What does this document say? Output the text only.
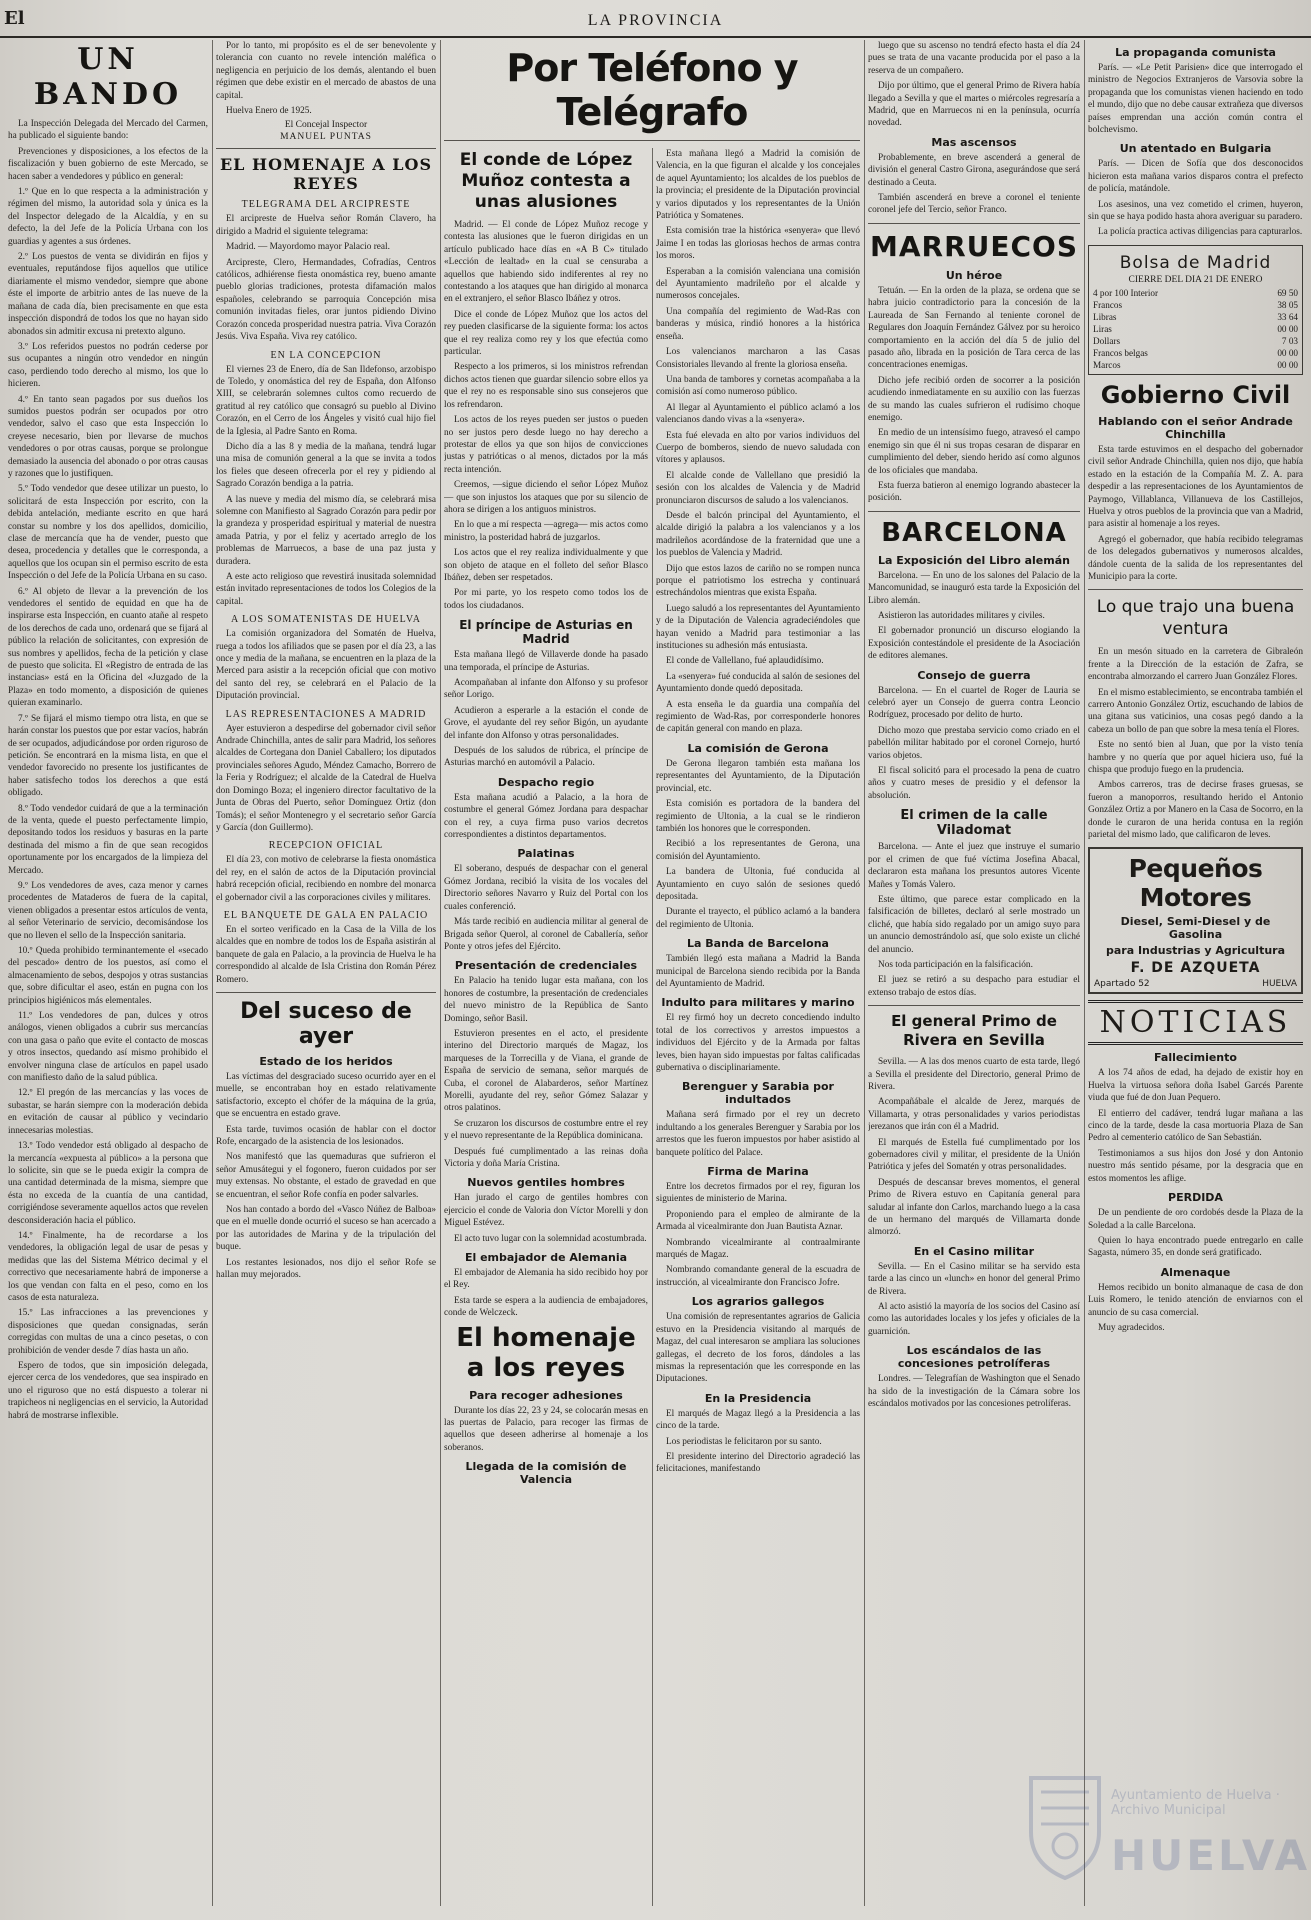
El	LA PROVINCIA
UN BANDO

La Inspección Delegada del Mercado del Carmen, ha publicado el siguiente bando:

Prevenciones y disposiciones, a los efectos de la fiscalización y buen gobierno de este Mercado, se hacen saber a vendedores y público en general:

1.º Que en lo que respecta a la administración y régimen del mismo, la autoridad sola y única es la del Inspector delegado de la Alcaldía, y en su defecto, la del Jefe de la Policía Urbana con los guardias y agentes a sus órdenes.

2.º Los puestos de venta se dividirán en fijos y eventuales, reputándose fijos aquellos que utilice diariamente el mismo vendedor, siempre que abone éste el importe de arbitrio antes de las nueve de la mañana de cada día, bien precisamente en que esta inspección dispondrá de todos los que no hayan sido abonados sin admitir excusa ni pretexto alguno.

3.º Los referidos puestos no podrán cederse por sus ocupantes a ningún otro vendedor en ningún caso, perdiendo todo derecho al mismo, los que lo hicieren.

4.º En tanto sean pagados por sus dueños los sumidos puestos podrán ser ocupados por otro vendedor, salvo el caso que esta Inspección lo creyese necesario, bien por llevarse de muchos vendedores o por otras causas, porque se prolongue demasiado la ausencia del abonado o por otras causas y razones que lo justifiquen.

5.º Todo vendedor que desee utilizar un puesto, lo solicitará de esta Inspección por escrito, con la debida antelación, mediante escrito en que hará constar su nombre y los dos apellidos, domicilio, clase de mercancía que ha de vender, puesto que desea, procedencia y detalles que le corresponda, a aquellos que los ocupan sin el permiso escrito de esta Inspección o del Jefe de la Policía Urbana en su caso.

6.º Al objeto de llevar a la prevención de los vendedores el sentido de equidad en que ha de inspirarse esta Inspección, en cuanto atañe al respeto de los derechos de cada uno, ordenará que se fijará al público la relación de solicitantes, con expresión de sus nombres y apellidos, fecha de la petición y clase de puesto que solicita. El «Registro de entrada de las instancias» está en la Oficina del «Juzgado de la Plaza» en todo momento, a disposición de quienes quieran examinarlo.

7.º Se fijará el mismo tiempo otra lista, en que se harán constar los puestos que por estar vacíos, habrán de ser ocupados, adjudicándose por orden riguroso de petición. Se encontrará en la misma lista, en que el vendedor favorecido no presente los justificantes de haber satisfecho todos los derechos a que está obligado.

8.º Todo vendedor cuidará de que a la terminación de la venta, quede el puesto perfectamente limpio, depositando todos los residuos y basuras en la parte destinada del mismo a fin de que sean recogidos oportunamente por los encargados de la limpieza del Mercado.

9.º Los vendedores de aves, caza menor y carnes procedentes de Mataderos de fuera de la capital, vienen obligados a presentar estos artículos de venta, al señor Veterinario de servicio, decomisándose los que no lleven el sello de la Inspección sanitaria.

10.º Queda prohibido terminantemente el «secado del pescado» dentro de los puestos, así como el almacenamiento de sebos, despojos y otras sustancias que, sobre dificultar el aseo, están en pugna con los principios higiénicos más elementales.

11.º Los vendedores de pan, dulces y otros análogos, vienen obligados a cubrir sus mercancías con una gasa o paño que evite el contacto de moscas y otros insectos, quedando así mismo prohibido el envolver ninguna clase de artículos en papel usado con manifiesto daño de la salud pública.

12.º El pregón de las mercancías y las voces de subastar, se harán siempre con la moderación debida en evitación de causar al público y vecindario innecesarias molestias.

13.º Todo vendedor está obligado al despacho de la mercancía «expuesta al público» a la persona que lo solicite, sin que se le pueda exigir la compra de una cantidad determinada de la misma, siempre que ésta no exceda de la cuantía de una cantidad, corrigiéndose severamente aquellos actos que revelen desconsideración hacia el público.

14.º Finalmente, ha de recordarse a los vendedores, la obligación legal de usar de pesas y medidas que las del Sistema Métrico decimal y el correctivo que necesariamente habrá de imponerse a los que vendan con falta en el peso, como en los casos de esta naturaleza.

15.º Las infracciones a las prevenciones y disposiciones que quedan consignadas, serán corregidas con multas de una a cinco pesetas, o con prohibición de vender desde 7 días hasta un año.

Espero de todos, que sin imposición delegada, ejercer cerca de los vendedores, que sea inspirado en uno el riguroso que no está dispuesto a tolerar ni trapicheos ni negligencias en el servicio, la Autoridad habrá de mostrarse inflexible.

Por lo tanto, mi propósito es el de ser benevolente y tolerancia con cuanto no revele intención maléfica o negligencia en perjuicio de los demás, alentando el buen régimen que debe existir en el mercado de abastos de una capital.

Huelva Enero de 1925.

El Concejal Inspector
MANUEL PUNTAS
EL HOMENAJE A LOS REYES
TELEGRAMA DEL ARCIPRESTE

El arcipreste de Huelva señor Román Clavero, ha dirigido a Madrid el siguiente telegrama:

Madrid. — Mayordomo mayor Palacio real.

Arcipreste, Clero, Hermandades, Cofradías, Centros católicos, adhiérense fiesta onomástica rey, bueno amante pueblo glorias tradiciones, protesta difamación malos españoles, celebrando se parroquia Concepción misa comunión invitadas fieles, orar juntos pidiendo Divino Corazón conceda prosperidad nuestra patria. Viva Corazón Jesús. Viva España. Viva rey católico.

EN LA CONCEPCION

El viernes 23 de Enero, día de San Ildefonso, arzobispo de Toledo, y onomástica del rey de España, don Alfonso XIII, se celebrarán solemnes cultos como recuerdo de gratitud al rey católico que consagró su pueblo al Divino Corazón, en el Cerro de los Ángeles y visitó cual hijo fiel de la Iglesia, al Padre Santo en Roma.

Dicho día a las 8 y media de la mañana, tendrá lugar una misa de comunión general a la que se invita a todos los fieles que deseen ofrecerla por el rey y pidiendo al Sagrado Corazón bendiga a la patria.

A las nueve y media del mismo día, se celebrará misa solemne con Manifiesto al Sagrado Corazón para pedir por la grandeza y prosperidad espiritual y material de nuestra amada Patria, y por el feliz y acertado arreglo de los problemas de Marruecos, a base de una paz justa y duradera.

A este acto religioso que revestirá inusitada solemnidad están invitado representaciones de todos los Colegios de la capital.

A LOS SOMATENISTAS DE HUELVA

La comisión organizadora del Somatén de Huelva, ruega a todos los afiliados que se pasen por el día 23, a las once y media de la mañana, se encuentren en la plaza de la Merced para asistir a la recepción oficial que con motivo del santo del rey, se celebrará en el Palacio de la Diputación provincial.

LAS REPRESENTACIONES A MADRID

Ayer estuvieron a despedirse del gobernador civil señor Andrade Chinchilla, antes de salir para Madrid, los señores alcaldes de Cortegana don Daniel Caballero; los diputados provinciales señores Agudo, Méndez Camacho, Borrero de la Feria y Rodríguez; el alcalde de la Catedral de Huelva don Domingo Boza; el ingeniero director facultativo de la Junta de Obras del Puerto, señor Domínguez Ortiz (don Tomás); el señor Montenegro y el secretario señor García y García (don Guillermo).

RECEPCION OFICIAL

El día 23, con motivo de celebrarse la fiesta onomástica del rey, en el salón de actos de la Diputación provincial habrá recepción oficial, recibiendo en nombre del monarca el gobernador civil a las corporaciones civiles y militares.

EL BANQUETE DE GALA EN PALACIO

En el sorteo verificado en la Casa de la Villa de los alcaldes que en nombre de todos los de España asistirán al banquete de gala en Palacio, a la provincia de Huelva le ha correspondido al alcalde de Isla Cristina don Román Pérez Romero.

Del suceso de ayer
Estado de los heridos

Las víctimas del desgraciado suceso ocurrido ayer en el muelle, se encontraban hoy en estado relativamente satisfactorio, excepto el chófer de la máquina de la grúa, que se encuentra en estado grave.

Esta tarde, tuvimos ocasión de hablar con el doctor Rofe, encargado de la asistencia de los lesionados.

Nos manifestó que las quemaduras que sufrieron el señor Amusátegui y el fogonero, fueron cuidados por ser muy extensas. No obstante, el estado de gravedad en que se encuentran, el señor Rofe confía en poder salvarles.

Nos han contado a bordo del «Vasco Núñez de Balboa» que en el muelle donde ocurrió el suceso se han acercado a por las autoridades de Marina y de la tripulación del buque.

Los restantes lesionados, nos dijo el señor Rofe se hallan muy mejorados.

Por Teléfono y Telégrafo
El conde de López Muñoz contesta a unas alusiones

Madrid. — El conde de López Muñoz recoge y contesta las alusiones que le fueron dirigidas en un artículo publicado hace días en «A B C» titulado «Lección de lealtad» en la cual se censuraba a aquellos que habiendo sido indiferentes al rey no contestando a los ataques que han dirigido al monarca en el extranjero, el señor Blasco Ibáñez y otros.

Dice el conde de López Muñoz que los actos del rey pueden clasificarse de la siguiente forma: los actos que el rey realiza como rey y los que efectúa como particular.

Respecto a los primeros, si los ministros refrendan dichos actos tienen que guardar silencio sobre ellos ya que el rey no es responsable sino sus consejeros que los refrendaron.

Los actos de los reyes pueden ser justos o pueden no ser justos pero desde luego no hay derecho a protestar de ellos ya que son hijos de convicciones justas y patrióticas o al menos, dictados por la más recta intención.

Creemos, —sigue diciendo el señor López Muñoz— que son injustos los ataques que por su silencio de ahora se dirigen a los antiguos ministros.

En lo que a mí respecta —agrega— mis actos como ministro, la posteridad habrá de juzgarlos.

Los actos que el rey realiza individualmente y que son objeto de ataque en el folleto del señor Blasco Ibáñez, deben ser respetados.

Por mi parte, yo los respeto como todos los de todos los ciudadanos.

El príncipe de Asturias en Madrid

Esta mañana llegó de Villaverde donde ha pasado una temporada, el príncipe de Asturias.

Acompañaban al infante don Alfonso y su profesor señor Lorigo.

Acudieron a esperarle a la estación el conde de Grove, el ayudante del rey señor Bigón, un ayudante del infante don Alfonso y otras personalidades.

Después de los saludos de rúbrica, el príncipe de Asturias marchó en automóvil a Palacio.

Despacho regio

Esta mañana acudió a Palacio, a la hora de costumbre el general Gómez Jordana para despachar con el rey, a cuya firma puso varios decretos correspondientes a distintos departamentos.

Palatinas

El soberano, después de despachar con el general Gómez Jordana, recibió la visita de los vocales del Directorio señores Navarro y Ruiz del Portal con los cuales conferenció.

Más tarde recibió en audiencia militar al general de Brigada señor Querol, al coronel de Caballería, señor Ponte y otros jefes del Ejército.

Presentación de credenciales

En Palacio ha tenido lugar esta mañana, con los honores de costumbre, la presentación de credenciales del nuevo ministro de la República de Santo Domingo, señor Basil.

Estuvieron presentes en el acto, el presidente interino del Directorio marqués de Magaz, los marqueses de la Torrecilla y de Viana, el grande de España de servicio de semana, señor marqués de Cuba, el coronel de Alabarderos, señor Martínez Morelli, ayudante del rey, señor Gómez Salazar y otros palatinos.

Se cruzaron los discursos de costumbre entre el rey y el nuevo representante de la República dominicana.

Después fué cumplimentado a las reinas doña Victoria y doña María Cristina.

Nuevos gentiles hombres

Han jurado el cargo de gentiles hombres con ejercicio el conde de Valoria don Víctor Morelli y don Miguel Estévez.

El acto tuvo lugar con la solemnidad acostumbrada.

El embajador de Alemania

El embajador de Alemania ha sido recibido hoy por el Rey.

Esta tarde se espera a la audiencia de embajadores, conde de Welczeck.

El homenaje a los reyes
Para recoger adhesiones

Durante los días 22, 23 y 24, se colocarán mesas en las puertas de Palacio, para recoger las firmas de aquellos que deseen adherirse al homenaje a los soberanos.

Llegada de la comisión de Valencia

Esta mañana llegó a Madrid la comisión de Valencia, en la que figuran el alcalde y los concejales de aquel Ayuntamiento; los alcaldes de los pueblos de la provincia; el presidente de la Diputación provincial y varios diputados y los representantes de la Unión Patriótica y Somatenes.

Esta comisión trae la histórica «senyera» que llevó Jaime I en todas las gloriosas hechos de armas contra los moros.

Esperaban a la comisión valenciana una comisión del Ayuntamiento madrileño por el alcalde y numerosos concejales.

Una compañía del regimiento de Wad-Ras con banderas y música, rindió honores a la histórica enseña.

Los valencianos marcharon a las Casas Consistoriales llevando al frente la gloriosa enseña.

Una banda de tambores y cornetas acompañaba a la comisión así como numeroso público.

Al llegar al Ayuntamiento el público aclamó a los valencianos dando vivas a la «senyera».

Esta fué elevada en alto por varios individuos del Cuerpo de bomberos, siendo de nuevo saludada con vítores y aplausos.

El alcalde conde de Vallellano que presidió la sesión con los alcaldes de Valencia y de Madrid pronunciaron discursos de saludo a los valencianos.

Desde el balcón principal del Ayuntamiento, el alcalde dirigió la palabra a los valencianos y a los madrileños acordándose de la fraternidad que une a los pueblos de Valencia y Madrid.

Dijo que estos lazos de cariño no se rompen nunca porque el patriotismo los estrecha y continuará estrechándolos mientras que exista España.

Luego saludó a los representantes del Ayuntamiento y de la Diputación de Valencia agradeciéndoles que hayan venido a Madrid para testimoniar a las instituciones su adhesión más entusiasta.

El conde de Vallellano, fué aplaudidísimo.

La «senyera» fué conducida al salón de sesiones del Ayuntamiento donde quedó depositada.

A esta enseña le da guardia una compañía del regimiento de Wad-Ras, por corresponderle honores de capitán general con mando en plaza.

La comisión de Gerona

De Gerona llegaron también esta mañana los representantes del Ayuntamiento, de la Diputación provincial, etc.

Esta comisión es portadora de la bandera del regimiento de Ultonia, a la cual se le rindieron también los honores que le corresponden.

Recibió a los representantes de Gerona, una comisión del Ayuntamiento.

La bandera de Ultonia, fué conducida al Ayuntamiento en cuyo salón de sesiones quedó depositada.

Durante el trayecto, el público aclamó a la bandera del regimiento de Ultonia.

La Banda de Barcelona

También llegó esta mañana a Madrid la Banda municipal de Barcelona siendo recibida por la Banda del Ayuntamiento de Madrid.

Indulto para militares y marino

El rey firmó hoy un decreto concediendo indulto total de los correctivos y arrestos impuestos a individuos del Ejército y de la Armada por faltas leves, bien hayan sido impuestas por faltas calificadas gubernativa o disciplinariamente.

Berenguer y Sarabia por indultados

Mañana será firmado por el rey un decreto indultando a los generales Berenguer y Sarabia por los arrestos que les fueron impuestos por haber asistido al banquete político del Palace.

Firma de Marina

Entre los decretos firmados por el rey, figuran los siguientes de ministerio de Marina.

Proponiendo para el empleo de almirante de la Armada al vicealmirante don Juan Bautista Aznar.

Nombrando vicealmirante al contraalmirante marqués de Magaz.

Nombrando comandante general de la escuadra de instrucción, al vicealmirante don Francisco Jofre.

Los agrarios gallegos

Una comisión de representantes agrarios de Galicia estuvo en la Presidencia visitando al marqués de Magaz, del cual interesaron se ampliara las soluciones gallegas, el decreto de los foros, dándoles a las mismas la representación que les corresponde en las Diputaciones.

En la Presidencia

El marqués de Magaz llegó a la Presidencia a las cinco de la tarde.

Los periodistas le felicitaron por su santo.

El presidente interino del Directorio agradeció las felicitaciones, manifestando

luego que su ascenso no tendrá efecto hasta el día 24 pues se trata de una vacante producida por el paso a la reserva de un compañero.

Dijo por último, que el general Primo de Rivera había llegado a Sevilla y que el martes o miércoles regresaría a Madrid, que en Marruecos ni en la península, ocurría novedad.

Mas ascensos

Probablemente, en breve ascenderá a general de división el general Castro Girona, asegurándose que será destinado a Ceuta.

También ascenderá en breve a coronel el teniente coronel jefe del Tercio, señor Franco.

MARRUECOS
Un héroe

Tetuán. — En la orden de la plaza, se ordena que se habra juicio contradictorio para la concesión de la Laureada de San Fernando al teniente coronel de Regulares don Joaquín Fernández Gálvez por su heroico comportamiento en la acción del día 5 de julio del pasado año, librada en la posición de Tara cerca de las concentraciones enemigas.

Dicho jefe recibió orden de socorrer a la posición acudiendo inmediatamente en su auxilio con las fuerzas de su mando las cuales sufrieron el rudísimo choque enemigo.

En medio de un intensísimo fuego, atravesó el campo enemigo sin que él ni sus tropas cesaran de disparar en cumplimiento del deber, siendo herido así como algunos de los oficiales que mandaba.

Esta fuerza batieron al enemigo logrando abastecer la posición.

BARCELONA
La Exposición del Libro alemán

Barcelona. — En uno de los salones del Palacio de la Mancomunidad, se inauguró esta tarde la Exposición del Libro alemán.

Asistieron las autoridades militares y civiles.

El gobernador pronunció un discurso elogiando la Exposición contestándole el presidente de la Asociación de editores alemanes.

Consejo de guerra

Barcelona. — En el cuartel de Roger de Lauria se celebró ayer un Consejo de guerra contra Leoncio Rodríguez, procesado por delito de hurto.

Dicho mozo que prestaba servicio como criado en el pabellón militar habitado por el coronel Cornejo, hurtó varios objetos.

El fiscal solicitó para el procesado la pena de cuatro años y cuatro meses de presidio y el defensor la absolución.

El crimen de la calle Viladomat

Barcelona. — Ante el juez que instruye el sumario por el crimen de que fué víctima Josefina Abacal, declararon esta mañana los presuntos autores Vicente Mañes y Tomás Valero.

Este último, que parece estar complicado en la falsificación de billetes, declaró al serle mostrado un cliché, que había sido regalado por un amigo suyo para un anuncio demostrándolo así, que solo existe un cliché del anuncio.

Nos toda participación en la falsificación.

El juez se retiró a su despacho para estudiar el extenso trabajo de estos días.

El general Primo de Rivera en Sevilla

Sevilla. — A las dos menos cuarto de esta tarde, llegó a Sevilla el presidente del Directorio, general Primo de Rivera.

Acompañábale el alcalde de Jerez, marqués de Villamarta, y otras personalidades y varios periodistas jerezanos que irán con él a Madrid.

El marqués de Estella fué cumplimentado por los gobernadores civil y militar, el presidente de la Unión Patriótica y jefes del Somatén y otras personalidades.

Después de descansar breves momentos, el general Primo de Rivera estuvo en Capitanía general para saludar al infante don Carlos, marchando luego a la casa de un hermano del marqués de Villamarta donde almorzó.

En el Casino militar

Sevilla. — En el Casino militar se ha servido esta tarde a las cinco un «lunch» en honor del general Primo de Rivera.

Al acto asistió la mayoría de los socios del Casino así como las autoridades locales y los jefes y oficiales de la guarnición.

Los escándalos de las concesiones petrolíferas

Londres. — Telegrafían de Washington que el Senado ha sido de la investigación de la Cámara sobre los escándalos motivados por las concesiones petrolíferas.

La propaganda comunista

París. — «Le Petit Parisien» dice que interrogado el ministro de Negocios Extranjeros de Varsovia sobre la propaganda que los comunistas vienen haciendo en todo el mundo, dijo que no debe causar extrañeza que diversos países emprendan una acción común contra el bolchevismo.

Un atentado en Bulgaria

París. — Dicen de Sofía que dos desconocidos hicieron esta mañana varios disparos contra el prefecto de policía, matándole.

Los asesinos, una vez cometido el crimen, huyeron, sin que se haya podido hasta ahora averiguar su paradero.

La policía practica activas diligencias para capturarlos.

Bolsa de Madrid
CIERRE DEL DIA 21 DE ENERO
4 por 100 Interior	69 50
Francos	38 05
Libras	33 64
Liras	00 00
Dollars	7 03
Francos belgas	00 00
Marcos	00 00
Gobierno Civil
Hablando con el señor Andrade Chinchilla

Esta tarde estuvimos en el despacho del gobernador civil señor Andrade Chinchilla, quien nos dijo, que había estado en la estación de la Compañía M. Z. A. para despedir a las representaciones de los Ayuntamientos de Paymogo, Villablanca, Villanueva de los Castillejos, Huelva y otros pueblos de la provincia que van a Madrid, para asistir al homenaje a los reyes.

Agregó el gobernador, que había recibido telegramas de los delegados gubernativos y numerosos alcaldes, dándole cuenta de la salida de los representantes del Municipio para la corte.

Lo que trajo una buena ventura

En un mesón situado en la carretera de Gibraleón frente a la Dirección de la estación de Zafra, se encontraba almorzando el carrero Juan González Flores.

En el mismo establecimiento, se encontraba también el carrero Antonio González Ortiz, escuchando de labios de una gitana sus vaticinios, una cosas pegó dando a la cabeza un bollo de pan que sobre la mesa tenía el Flores.

Este no sentó bien al Juan, que por la visto tenía hambre y no quería que por aquel hiciera uso, fué la chispa que produjo fuego en la prudencia.

Ambos carreros, tras de decirse frases gruesas, se fueron a manoporros, resultando herido el Antonio González Ortiz a por Manero en la Casa de Socorro, en la donde le curaron de una herida contusa en la región parietal del mismo lado, que calificaron de leves.

Pequeños Motores
Diesel, Semi-Diesel y de Gasolina
para Industrias y Agricultura
F. DE AZQUETA
Apartado 52	HUELVA
NOTICIAS
Fallecimiento

A los 74 años de edad, ha dejado de existir hoy en Huelva la virtuosa señora doña Isabel Garcés Parente viuda que fué de don Juan Pequero.

El entierro del cadáver, tendrá lugar mañana a las cinco de la tarde, desde la casa mortuoria Plaza de San Pedro al cementerio católico de San Sebastián.

Testimoniamos a sus hijos don José y don Antonio nuestro más sentido pésame, por la desgracia que en estos momentos les aflige.

PERDIDA

De un pendiente de oro cordobés desde la Plaza de la Soledad a la calle Barcelona.

Quien lo haya encontrado puede entregarlo en calle Sagasta, número 35, en donde será gratificado.

Almenaque

Hemos recibido un bonito almanaque de casa de don Luis Romero, le tenido atención de enviarnos con el anuncio de su casa comercial.

Muy agradecidos.

Ayuntamiento de Huelva · Archivo Municipal
HUELVA
